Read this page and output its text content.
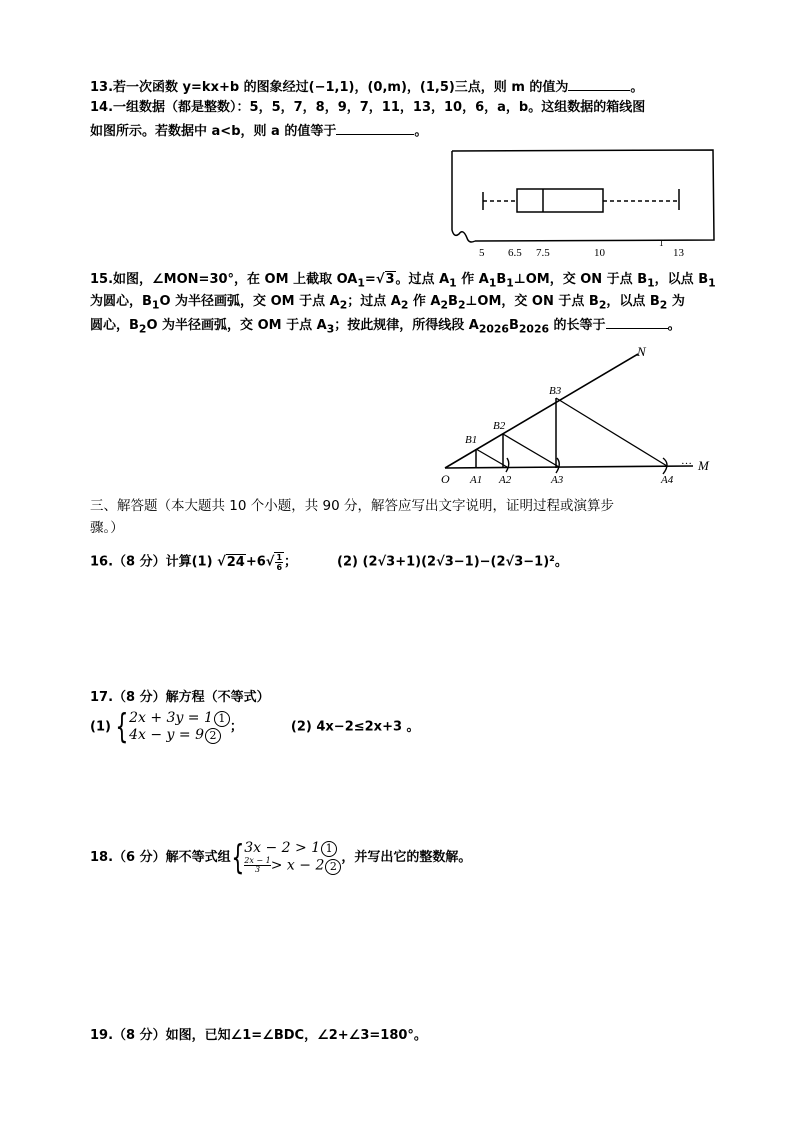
13.若一次函数 y=kx+b 的图象经过(−1,1)，(0,m)，(1,5)三点，则 m 的值为	。
14.一组数据（都是整数）：5，5，7，8，9，7，11，13，10，6，a，b。这组数据的箱线图
如图所示。若数据中 a<b，则 a 的值等于	。
5 6.5 7.5	10
1
13
15.如图，∠MON=30°，在 OM 上截取 $OA_1=√3$。过点 $A_1$ 作 $A_1B_1\perp OM$，交 ON 于点 $B_1$，以点 $B_1$
为圆心，$B_1O$ 为半径画弧，交 OM 于点 $A_2$；过点 $A_2$ 作 $A_2B_2\perp OM$，交 ON 于点 $B_2$，以点 $B_2$ 为
圆心，$B_2O$ 为半径画弧，交 OM 于点 $A_3$；按此规律，所得线段 $A_{2026}B_{2026}$ 的长等于	。
N
… M
O A1 A2	A3	A4
B1
B2
B3
三、解答题（本大题共 10 个小题，共 90 分，解答应写出文字说明，证明过程或演算步
骤。）
16.（8 分）计算(1) $√24+6√ \frac{1}{6}$ ；	(2) (2√3+1)(2√3−1)−(2√3−1)²。
17.（8 分）解方程（不等式）
(1) { 2x + 3y = 1 1
4x − y = 9 2
；	(2) 4x−2≤2x+3 。
18.（6 分）解不等式组{ 3x − 2 > 1 1
$\frac{2x - 1}{3} > x - 2$ 2
，并写出它的整数解。
19.（8 分）如图，已知∠1=∠BDC，∠2+∠3=180°。
